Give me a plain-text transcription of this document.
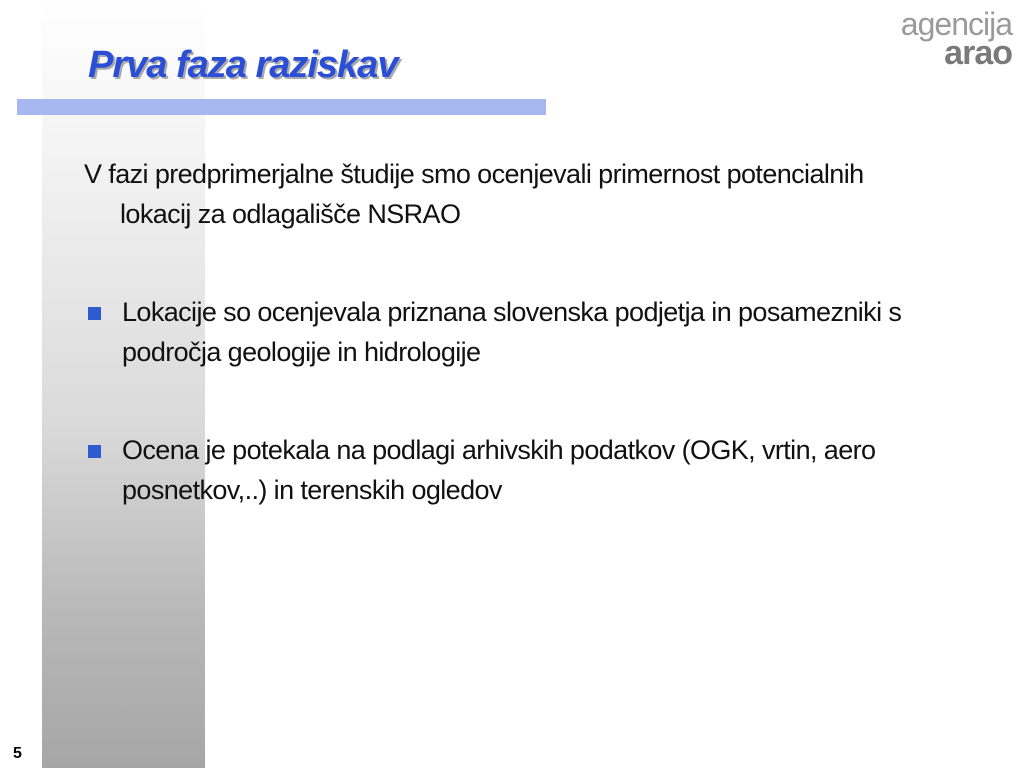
Prva faza raziskav
agencija
arao

V fazi predprimerjalne študije smo ocenjevali primernost potencialnih lokacij za odlagališče NSRAO

Lokacije so ocenjevala priznana slovenska podjetja in posamezniki s področja geologije in hidrologije
Ocena je potekala na podlagi arhivskih podatkov (OGK, vrtin, aero posnetkov,..) in terenskih ogledov
5
